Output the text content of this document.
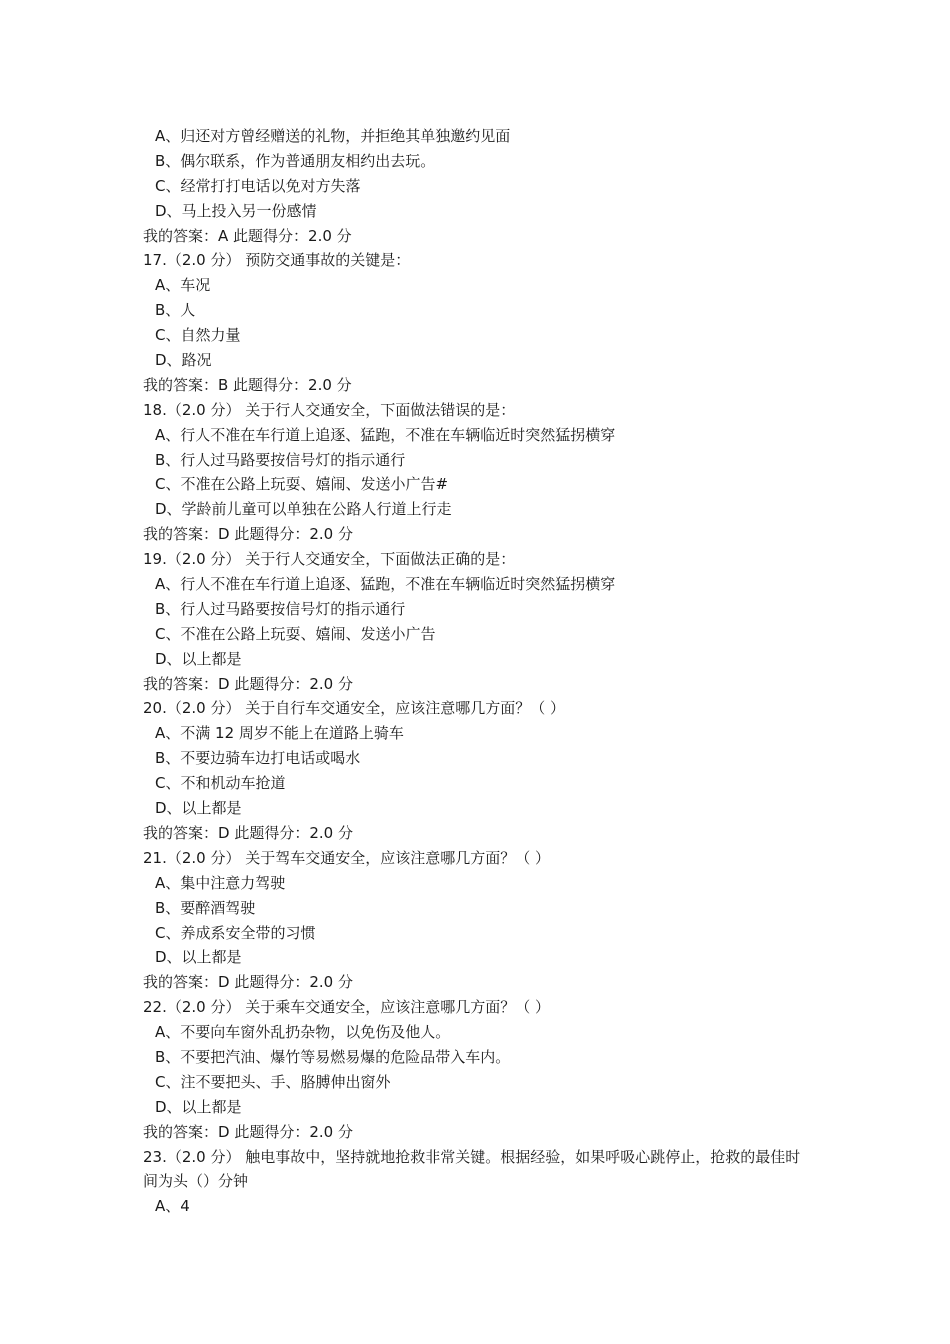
A、归还对方曾经赠送的礼物，并拒绝其单独邀约见面
B、偶尔联系，作为普通朋友相约出去玩。
C、经常打打电话以免对方失落
D、马上投入另一份感情
我的答案：A 此题得分：2.0 分
17.（2.0 分） 预防交通事故的关键是：
A、车况
B、人
C、自然力量
D、路况
我的答案：B 此题得分：2.0 分
18.（2.0 分） 关于行人交通安全，下面做法错误的是：
A、行人不准在车行道上追逐、猛跑，不准在车辆临近时突然猛拐横穿
B、行人过马路要按信号灯的指示通行
C、不准在公路上玩耍、嬉闹、发送小广告#
D、学龄前儿童可以单独在公路人行道上行走
我的答案：D 此题得分：2.0 分
19.（2.0 分） 关于行人交通安全，下面做法正确的是：
A、行人不准在车行道上追逐、猛跑，不准在车辆临近时突然猛拐横穿
B、行人过马路要按信号灯的指示通行
C、不准在公路上玩耍、嬉闹、发送小广告
D、以上都是
我的答案：D 此题得分：2.0 分
20.（2.0 分） 关于自行车交通安全，应该注意哪几方面？（ ）
A、不满 12 周岁不能上在道路上骑车
B、不要边骑车边打电话或喝水
C、不和机动车抢道
D、以上都是
我的答案：D 此题得分：2.0 分
21.（2.0 分） 关于驾车交通安全，应该注意哪几方面？（ ）
A、集中注意力驾驶
B、要醉酒驾驶
C、养成系安全带的习惯
D、以上都是
我的答案：D 此题得分：2.0 分
22.（2.0 分） 关于乘车交通安全，应该注意哪几方面？（ ）
A、不要向车窗外乱扔杂物，以免伤及他人。
B、不要把汽油、爆竹等易燃易爆的危险品带入车内。
C、注不要把头、手、胳膊伸出窗外
D、以上都是
我的答案：D 此题得分：2.0 分
23.（2.0 分） 触电事故中，坚持就地抢救非常关键。根据经验，如果呼吸心跳停止，抢救的最佳时间为头（）分钟
A、4
